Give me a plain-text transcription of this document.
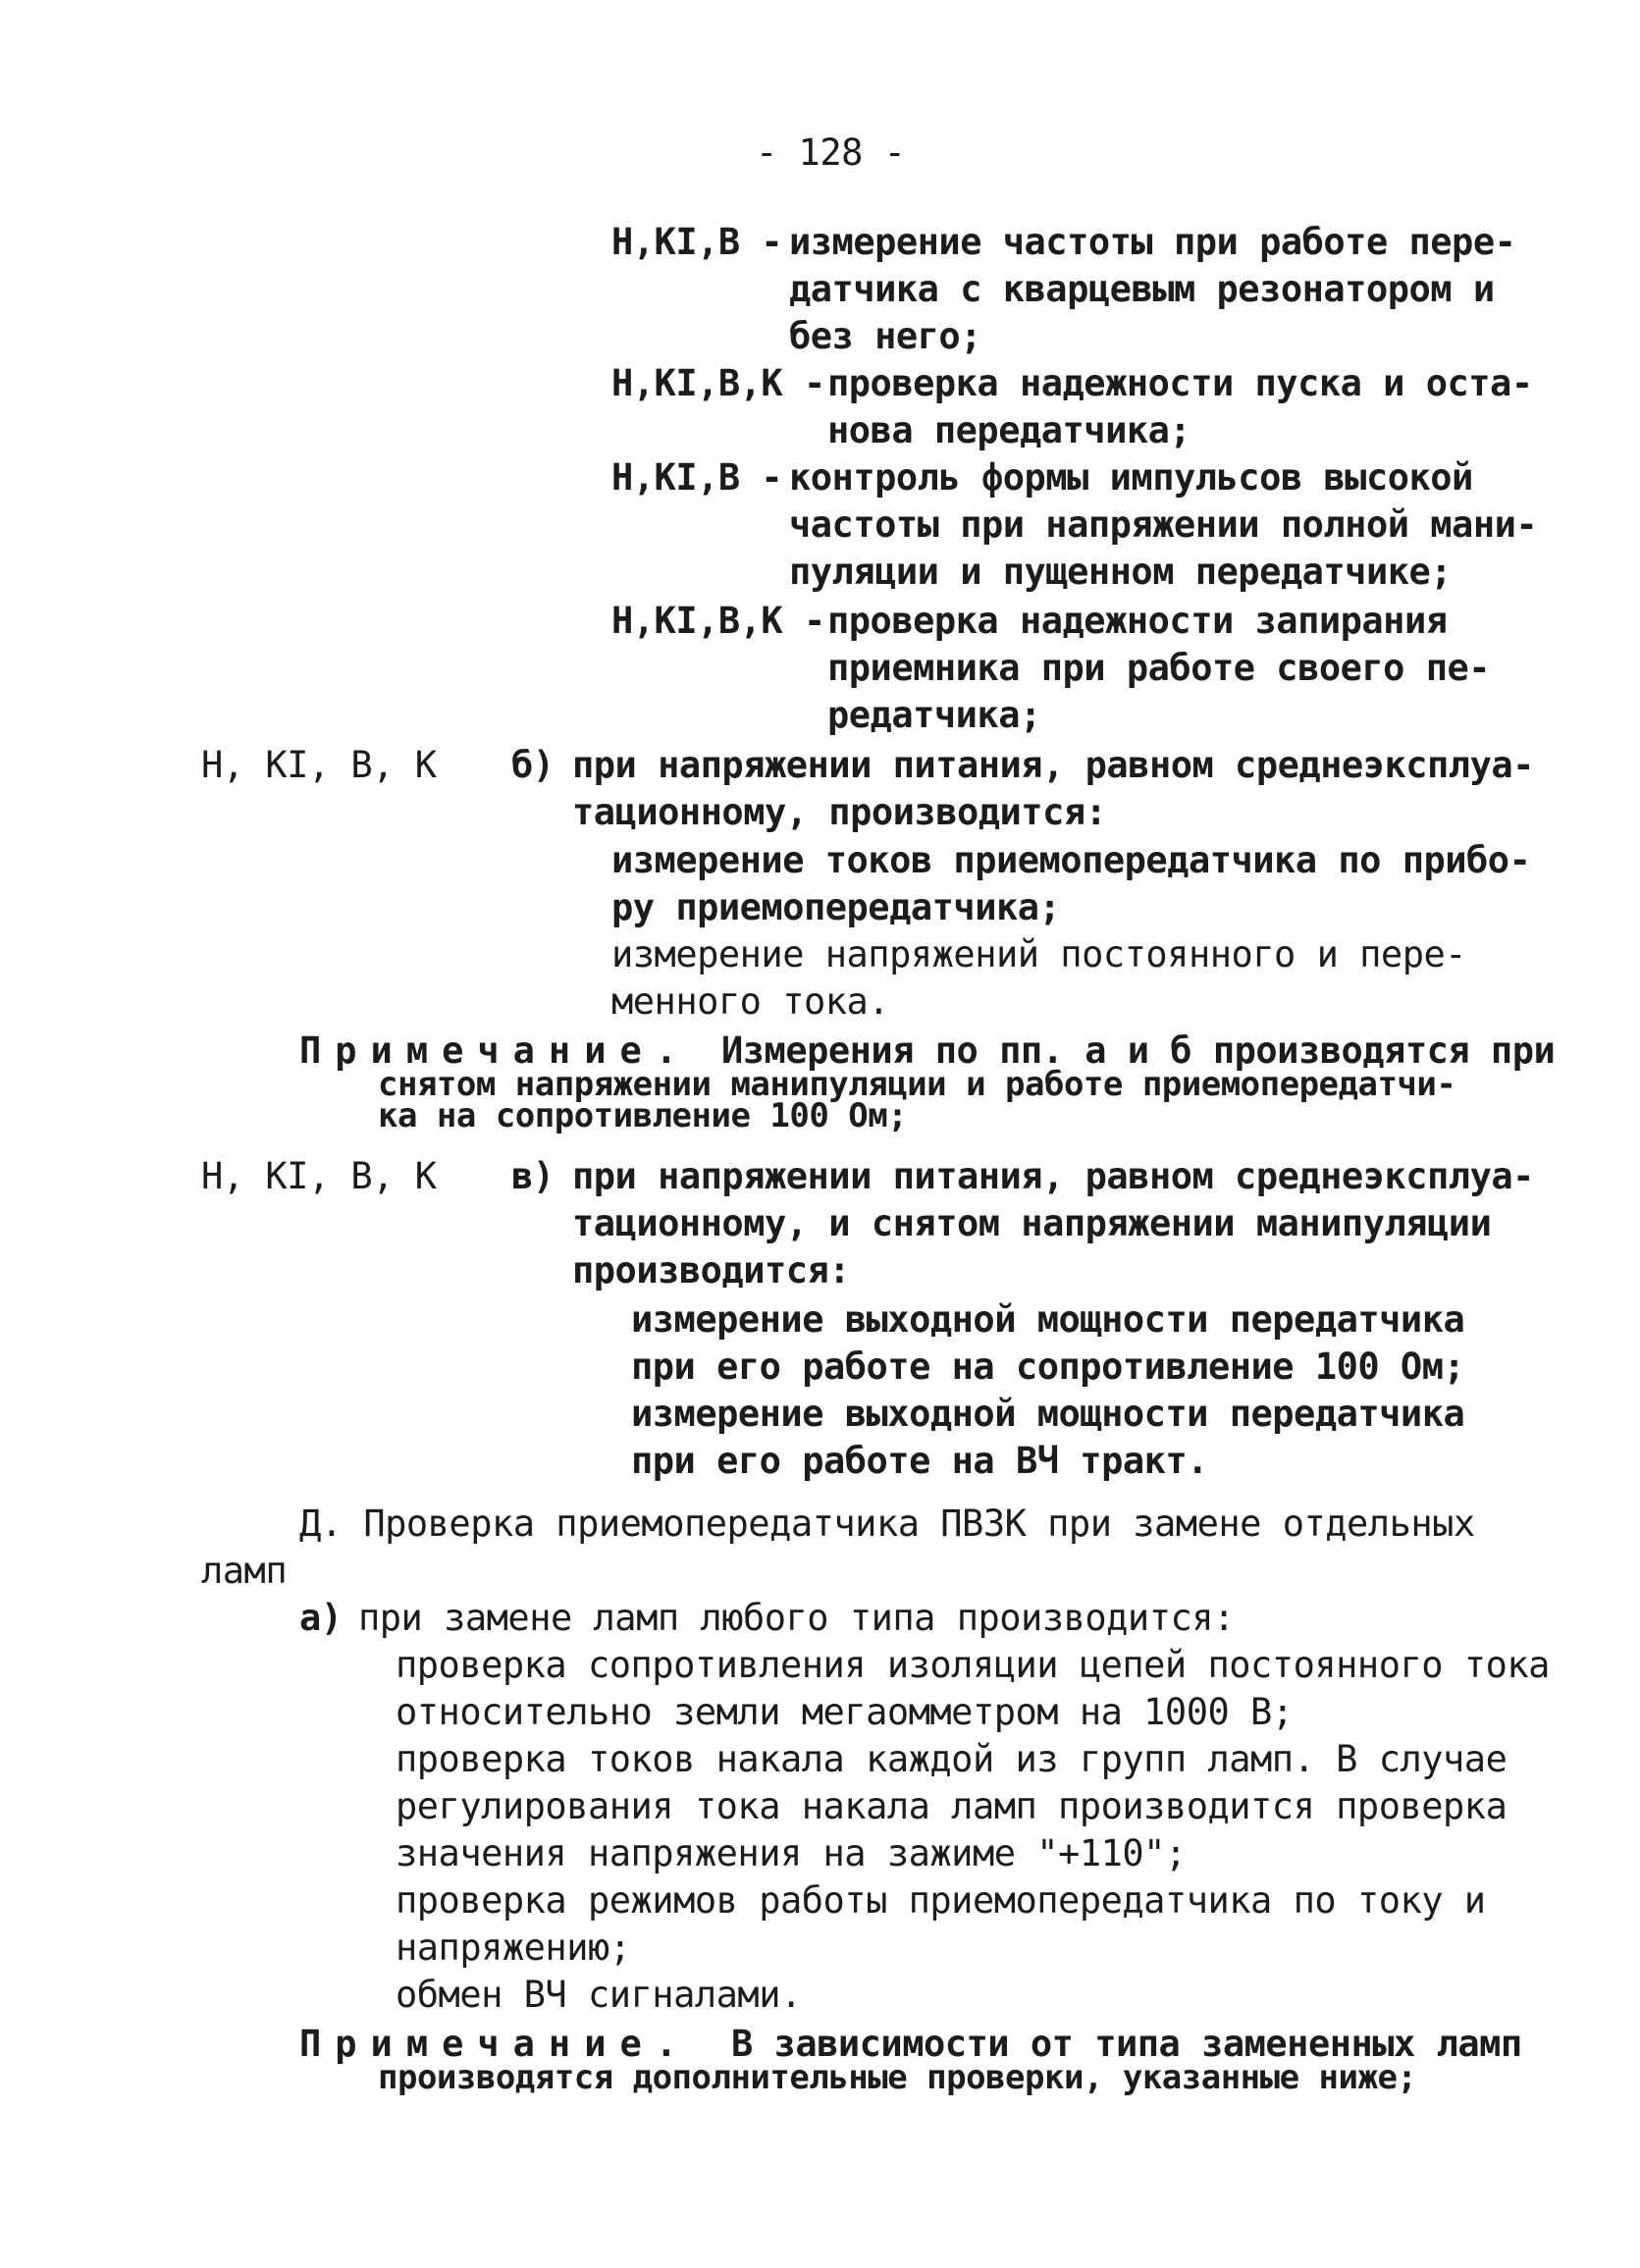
- 128 -
Н,КІ,В - измерение частоты при работе пере-
датчика с кварцевым резонатором и
без него;
Н,КІ,В,К - проверка надежности пуска и оста-
нова передатчика;
Н,КІ,В - контроль формы импульсов высокой
частоты при напряжении полной мани-
пуляции и пущенном передатчике;
Н,КІ,В,К - проверка надежности запирания
приемника при работе своего пе-
редатчика;
Н, КІ, В, К б) при напряжении питания, равном среднеэксплуа-
тационному, производится:
измерение токов приемопередатчика по прибо-
ру приемопередатчика;
измерение напряжений постоянного и пере-
менного тока.
Примечание. Измерения по пп. а и б производятся при
снятом напряжении манипуляции и работе приемопередатчи-
ка на сопротивление 100 Ом;
Н, КІ, В, К в) при напряжении питания, равном среднеэксплуа-
тационному, и снятом напряжении манипуляции
производится:
измерение выходной мощности передатчика
при его работе на сопротивление 100 Ом;
измерение выходной мощности передатчика
при его работе на ВЧ тракт.
Д. Проверка приемопередатчика ПВЗК при замене отдельных
ламп
а) при замене ламп любого типа производится:
проверка сопротивления изоляции цепей постоянного тока
относительно земли мегаомметром на 1000 В;
проверка токов накала каждой из групп ламп. В случае
регулирования тока накала ламп производится проверка
значения напряжения на зажиме "+110";
проверка режимов работы приемопередатчика по току и
напряжению;
обмен ВЧ сигналами.
Примечание. В зависимости от типа замененных ламп
производятся дополнительные проверки, указанные ниже;
